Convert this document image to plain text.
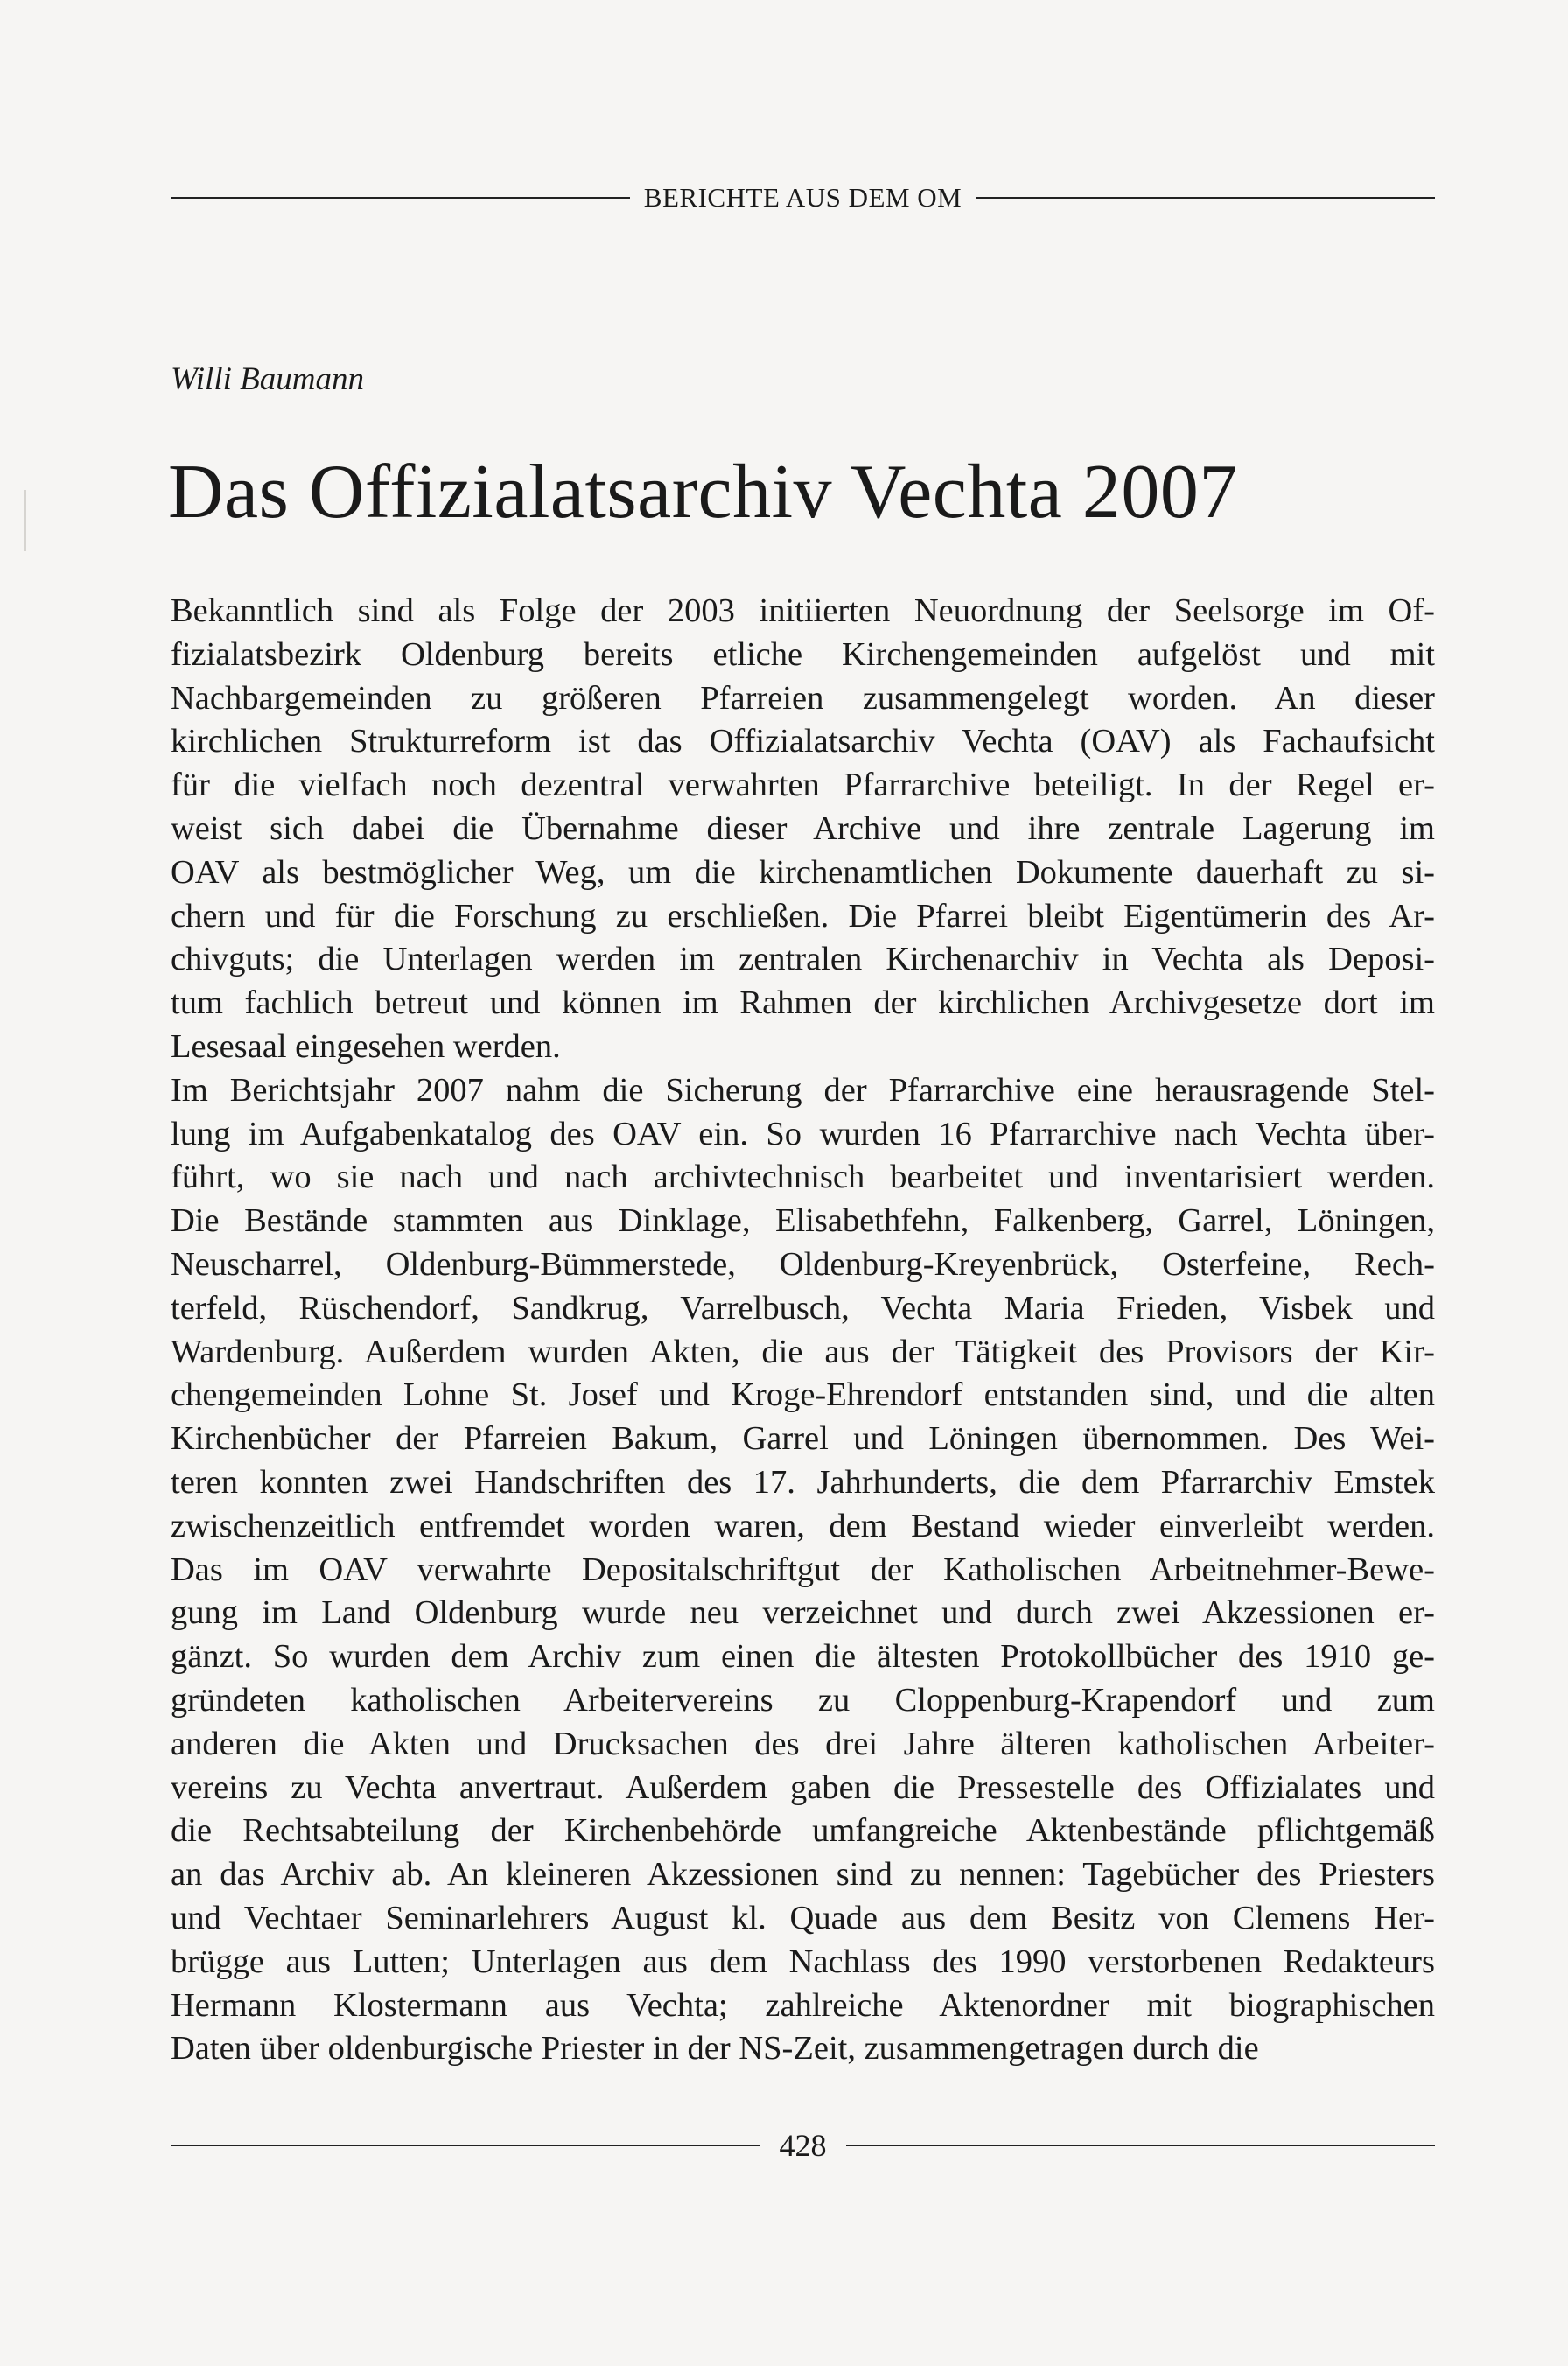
BERICHTE AUS DEM OM
Willi Baumann
Das Offizialatsarchiv Vechta 2007
Bekanntlich sind als Folge der 2003 initiierten Neuordnung der Seelsorge im Of-
fizialatsbezirk Oldenburg bereits etliche Kirchengemeinden aufgelöst und mit
Nachbargemeinden zu größeren Pfarreien zusammengelegt worden. An dieser
kirchlichen Strukturreform ist das Offizialatsarchiv Vechta (OAV) als Fachaufsicht
für die vielfach noch dezentral verwahrten Pfarrarchive beteiligt. In der Regel er-
weist sich dabei die Übernahme dieser Archive und ihre zentrale Lagerung im
OAV als bestmöglicher Weg, um die kirchenamtlichen Dokumente dauerhaft zu si-
chern und für die Forschung zu erschließen. Die Pfarrei bleibt Eigentümerin des Ar-
chivguts; die Unterlagen werden im zentralen Kirchenarchiv in Vechta als Deposi-
tum fachlich betreut und können im Rahmen der kirchlichen Archivgesetze dort im
Lesesaal eingesehen werden.
Im Berichtsjahr 2007 nahm die Sicherung der Pfarrarchive eine herausragende Stel-
lung im Aufgabenkatalog des OAV ein. So wurden 16 Pfarrarchive nach Vechta über-
führt, wo sie nach und nach archivtechnisch bearbeitet und inventarisiert werden.
Die Bestände stammten aus Dinklage, Elisabethfehn, Falkenberg, Garrel, Löningen,
Neuscharrel, Oldenburg-Bümmerstede, Oldenburg-Kreyenbrück, Osterfeine, Rech-
terfeld, Rüschendorf, Sandkrug, Varrelbusch, Vechta Maria Frieden, Visbek und
Wardenburg. Außerdem wurden Akten, die aus der Tätigkeit des Provisors der Kir-
chengemeinden Lohne St. Josef und Kroge-Ehrendorf entstanden sind, und die alten
Kirchenbücher der Pfarreien Bakum, Garrel und Löningen übernommen. Des Wei-
teren konnten zwei Handschriften des 17. Jahrhunderts, die dem Pfarrarchiv Emstek
zwischenzeitlich entfremdet worden waren, dem Bestand wieder einverleibt werden.
Das im OAV verwahrte Depositalschriftgut der Katholischen Arbeitnehmer-Bewe-
gung im Land Oldenburg wurde neu verzeichnet und durch zwei Akzessionen er-
gänzt. So wurden dem Archiv zum einen die ältesten Protokollbücher des 1910 ge-
gründeten katholischen Arbeitervereins zu Cloppenburg-Krapendorf und zum
anderen die Akten und Drucksachen des drei Jahre älteren katholischen Arbeiter-
vereins zu Vechta anvertraut. Außerdem gaben die Pressestelle des Offizialates und
die Rechtsabteilung der Kirchenbehörde umfangreiche Aktenbestände pflichtgemäß
an das Archiv ab. An kleineren Akzessionen sind zu nennen: Tagebücher des Priesters
und Vechtaer Seminarlehrers August kl. Quade aus dem Besitz von Clemens Her-
brügge aus Lutten; Unterlagen aus dem Nachlass des 1990 verstorbenen Redakteurs
Hermann Klostermann aus Vechta; zahlreiche Aktenordner mit biographischen
Daten über oldenburgische Priester in der NS-Zeit, zusammengetragen durch die
428
